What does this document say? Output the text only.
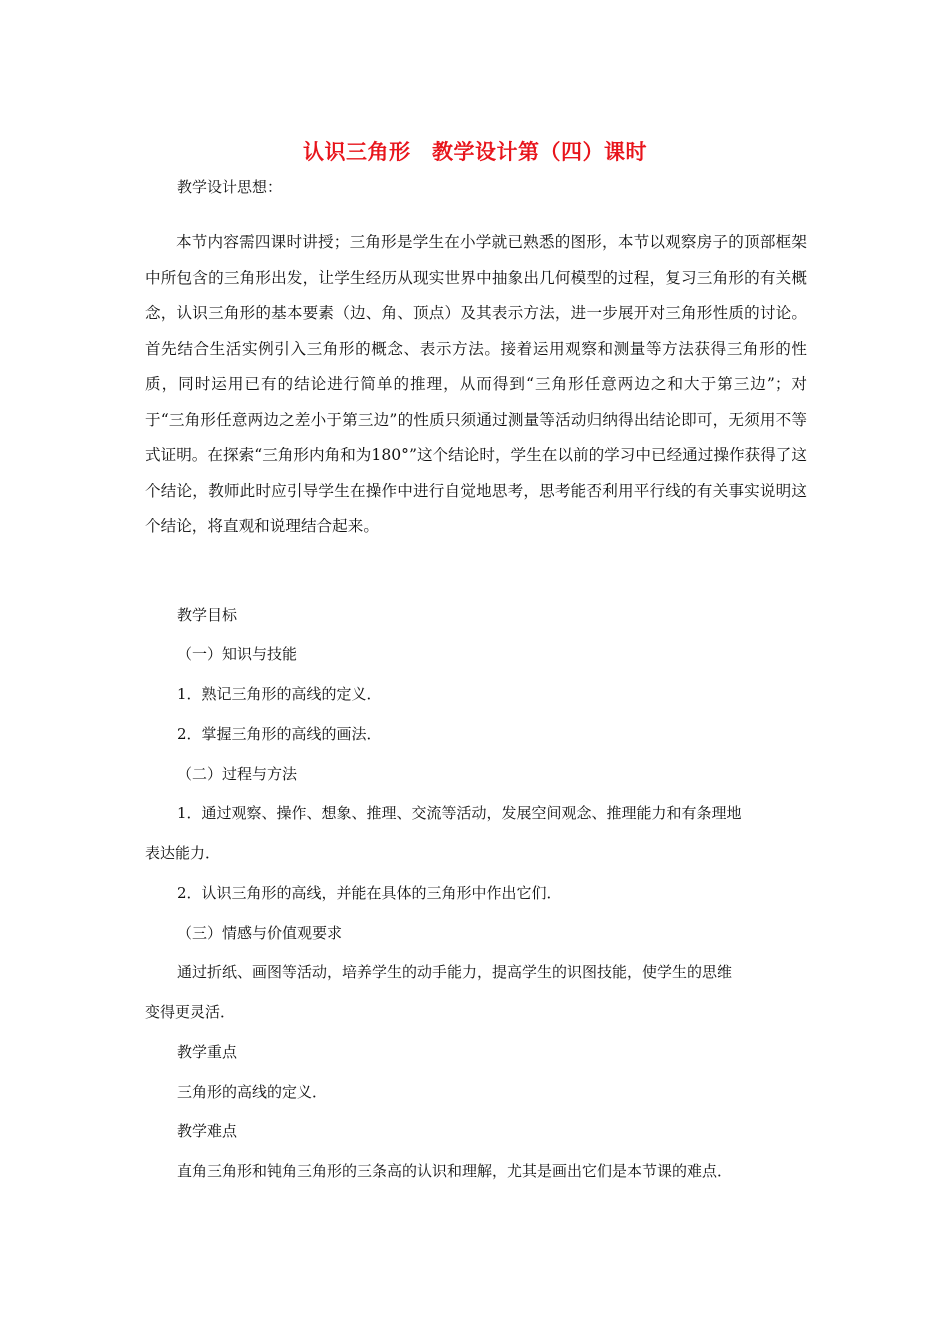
认识三角形　教学设计第（四）课时
教学设计思想：
本节内容需四课时讲授；三角形是学生在小学就已熟悉的图形，本节以观察房子的顶部框架中所包含的三角形出发，让学生经历从现实世界中抽象出几何模型的过程，复习三角形的有关概念，认识三角形的基本要素（边、角、顶点）及其表示方法，进一步展开对三角形性质的讨论。首先结合生活实例引入三角形的概念、表示方法。接着运用观察和测量等方法获得三角形的性质，同时运用已有的结论进行简单的推理，从而得到“三角形任意两边之和大于第三边”；对于“三角形任意两边之差小于第三边”的性质只须通过测量等活动归纳得出结论即可，无须用不等式证明。在探索“三角形内角和为180°”这个结论时，学生在以前的学习中已经通过操作获得了这个结论，教师此时应引导学生在操作中进行自觉地思考，思考能否利用平行线的有关事实说明这个结论，将直观和说理结合起来。
教学目标
（一）知识与技能
1．熟记三角形的高线的定义．
2．掌握三角形的高线的画法．
（二）过程与方法
1．通过观察、操作、想象、推理、交流等活动，发展空间观念、推理能力和有条理地
表达能力．
2．认识三角形的高线，并能在具体的三角形中作出它们．
（三）情感与价值观要求
通过折纸、画图等活动，培养学生的动手能力，提高学生的识图技能，使学生的思维
变得更灵活．
教学重点
三角形的高线的定义．
教学难点
直角三角形和钝角三角形的三条高的认识和理解，尤其是画出它们是本节课的难点．
